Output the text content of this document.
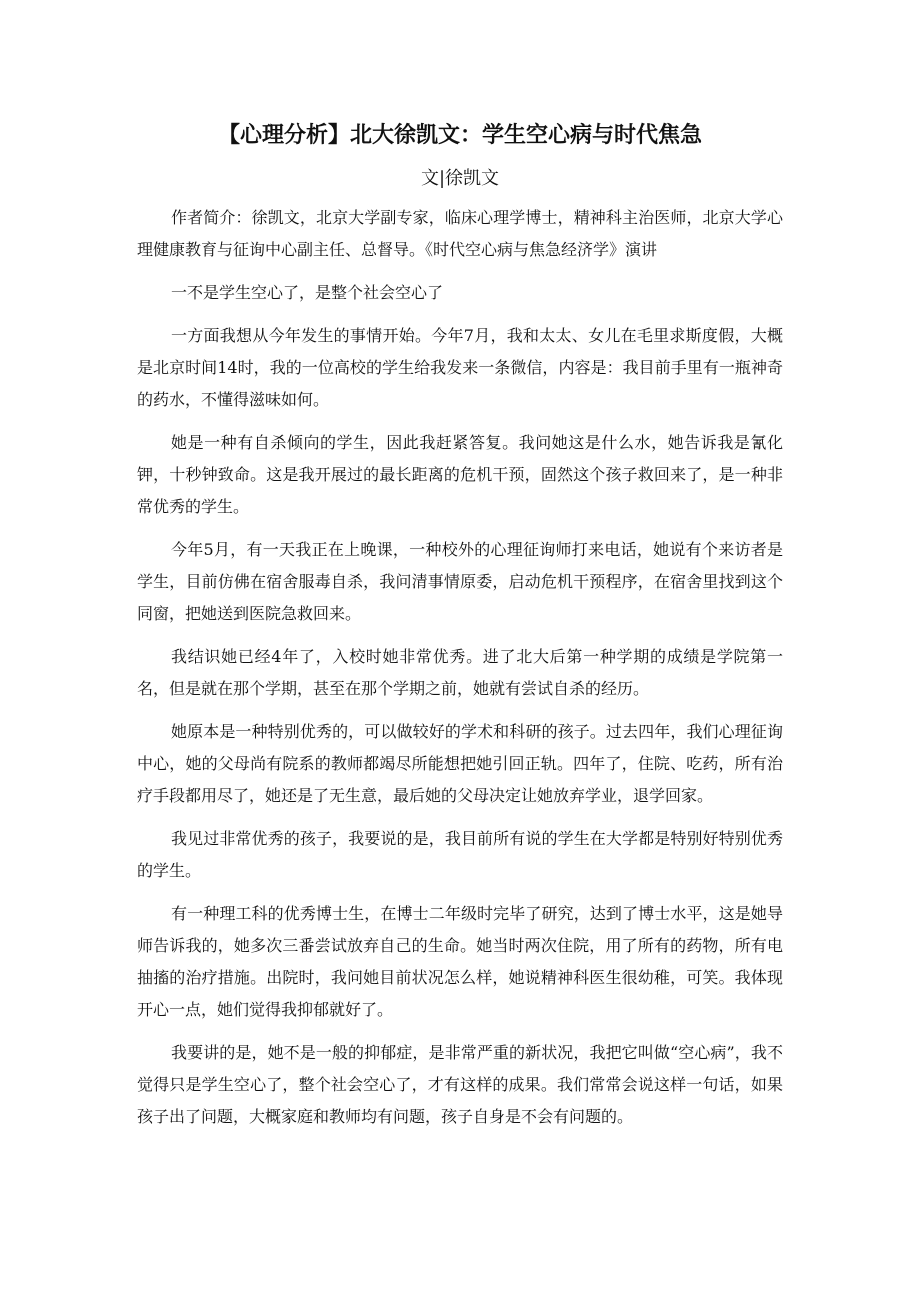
【心理分析】北大徐凯文：学生空心病与时代焦急
文|徐凯文

作者简介：徐凯文，北京大学副专家，临床心理学博士，精神科主治医师，北京大学心理健康教育与征询中心副主任、总督导。《时代空心病与焦急经济学》演讲

一不是学生空心了，是整个社会空心了

一方面我想从今年发生的事情开始。今年7月，我和太太、女儿在毛里求斯度假，大概是北京时间14时，我的一位高校的学生给我发来一条微信，内容是：我目前手里有一瓶神奇的药水，不懂得滋味如何。

她是一种有自杀倾向的学生，因此我赶紧答复。我问她这是什么水，她告诉我是氰化钾，十秒钟致命。这是我开展过的最长距离的危机干预，固然这个孩子救回来了，是一种非常优秀的学生。

今年5月，有一天我正在上晚课，一种校外的心理征询师打来电话，她说有个来访者是学生，目前仿佛在宿舍服毒自杀，我问清事情原委，启动危机干预程序，在宿舍里找到这个同窗，把她送到医院急救回来。

我结识她已经4年了，入校时她非常优秀。进了北大后第一种学期的成绩是学院第一名，但是就在那个学期，甚至在那个学期之前，她就有尝试自杀的经历。

她原本是一种特别优秀的，可以做较好的学术和科研的孩子。过去四年，我们心理征询中心，她的父母尚有院系的教师都竭尽所能想把她引回正轨。四年了，住院、吃药，所有治疗手段都用尽了，她还是了无生意，最后她的父母决定让她放弃学业，退学回家。

我见过非常优秀的孩子，我要说的是，我目前所有说的学生在大学都是特别好特别优秀的学生。

有一种理工科的优秀博士生，在博士二年级时完毕了研究，达到了博士水平，这是她导师告诉我的，她多次三番尝试放弃自己的生命。她当时两次住院，用了所有的药物，所有电抽搐的治疗措施。出院时，我问她目前状况怎么样，她说精神科医生很幼稚，可笑。我体现开心一点，她们觉得我抑郁就好了。

我要讲的是，她不是一般的抑郁症，是非常严重的新状况，我把它叫做“空心病”，我不觉得只是学生空心了，整个社会空心了，才有这样的成果。我们常常会说这样一句话，如果孩子出了问题，大概家庭和教师均有问题，孩子自身是不会有问题的。
